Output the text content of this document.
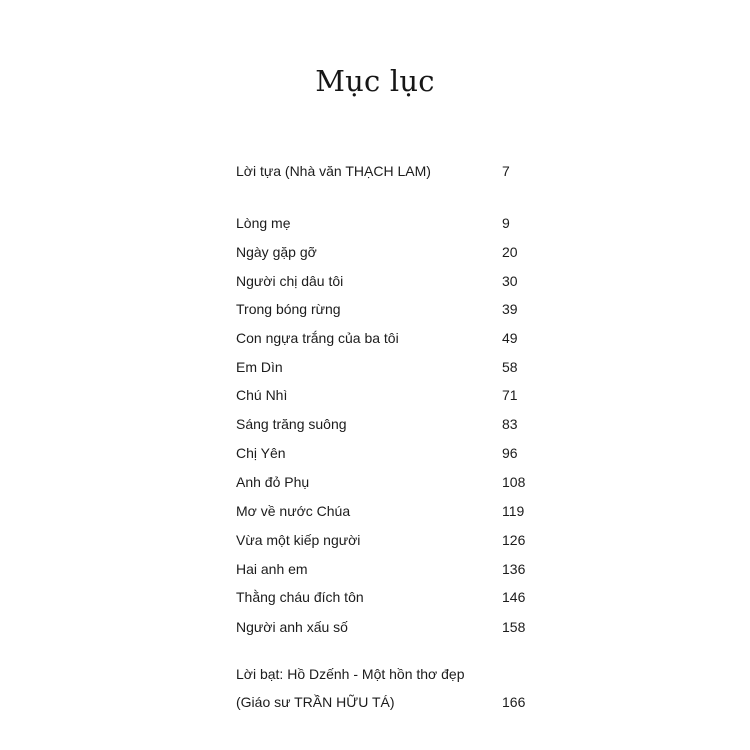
Mục lục
Lời tựa (Nhà văn THẠCH LAM)	7
Lòng mẹ	9
Ngày gặp gỡ	20
Người chị dâu tôi	30
Trong bóng rừng	39
Con ngựa trắng của ba tôi	49
Em Dìn	58
Chú Nhì	71
Sáng trăng suông	83
Chị Yên	96
Anh đỏ Phụ	108
Mơ về nước Chúa	119
Vừa một kiếp người	126
Hai anh em	136
Thằng cháu đích tôn	146
Người anh xấu số	158
Lời bạt: Hồ Dzếnh - Một hồn thơ đẹp
(Giáo sư TRẦN HỮU TÁ)	166
